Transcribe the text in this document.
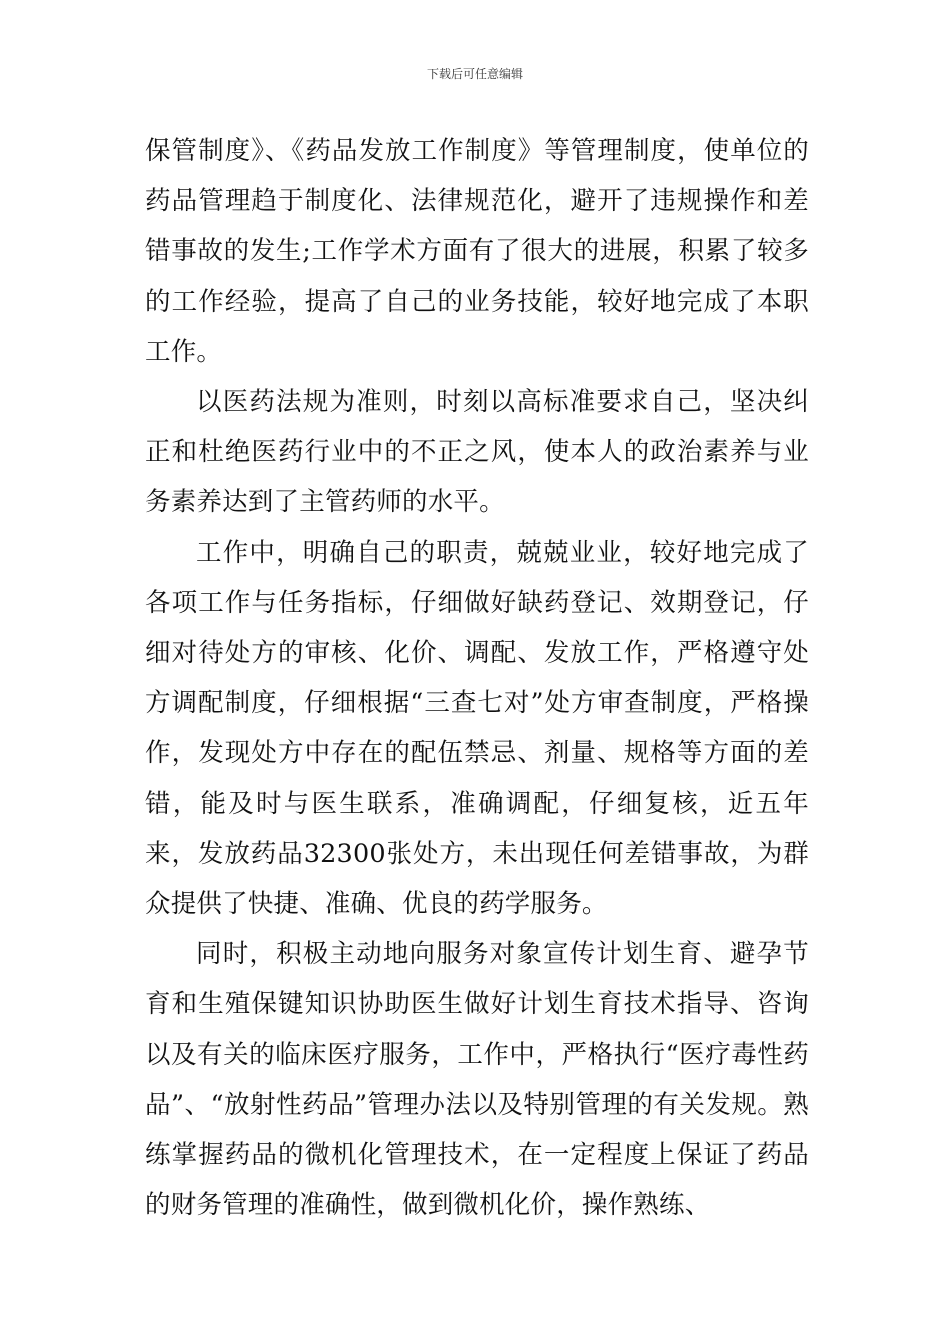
下载后可任意编辑

保管制度》、《药品发放工作制度》等管理制度，使单位的药品管理趋于制度化、法律规范化，避开了违规操作和差错事故的发生;工作学术方面有了很大的进展，积累了较多的工作经验，提高了自己的业务技能，较好地完成了本职工作。

以医药法规为准则，时刻以高标准要求自己，坚决纠正和杜绝医药行业中的不正之风，使本人的政治素养与业务素养达到了主管药师的水平。

工作中，明确自己的职责，兢兢业业，较好地完成了各项工作与任务指标，仔细做好缺药登记、效期登记，仔细对待处方的审核、化价、调配、发放工作，严格遵守处方调配制度，仔细根据“三查七对”处方审查制度，严格操作，发现处方中存在的配伍禁忌、剂量、规格等方面的差错，能及时与医生联系，准确调配，仔细复核，近五年来，发放药品32300张处方，未出现任何差错事故，为群众提供了快捷、准确、优良的药学服务。

同时，积极主动地向服务对象宣传计划生育、避孕节育和生殖保键知识协助医生做好计划生育技术指导、咨询以及有关的临床医疗服务，工作中，严格执行“医疗毒性药品”、“放射性药品”管理办法以及特别管理的有关发规。熟练掌握药品的微机化管理技术，在一定程度上保证了药品的财务管理的准确性，做到微机化价，操作熟练、
